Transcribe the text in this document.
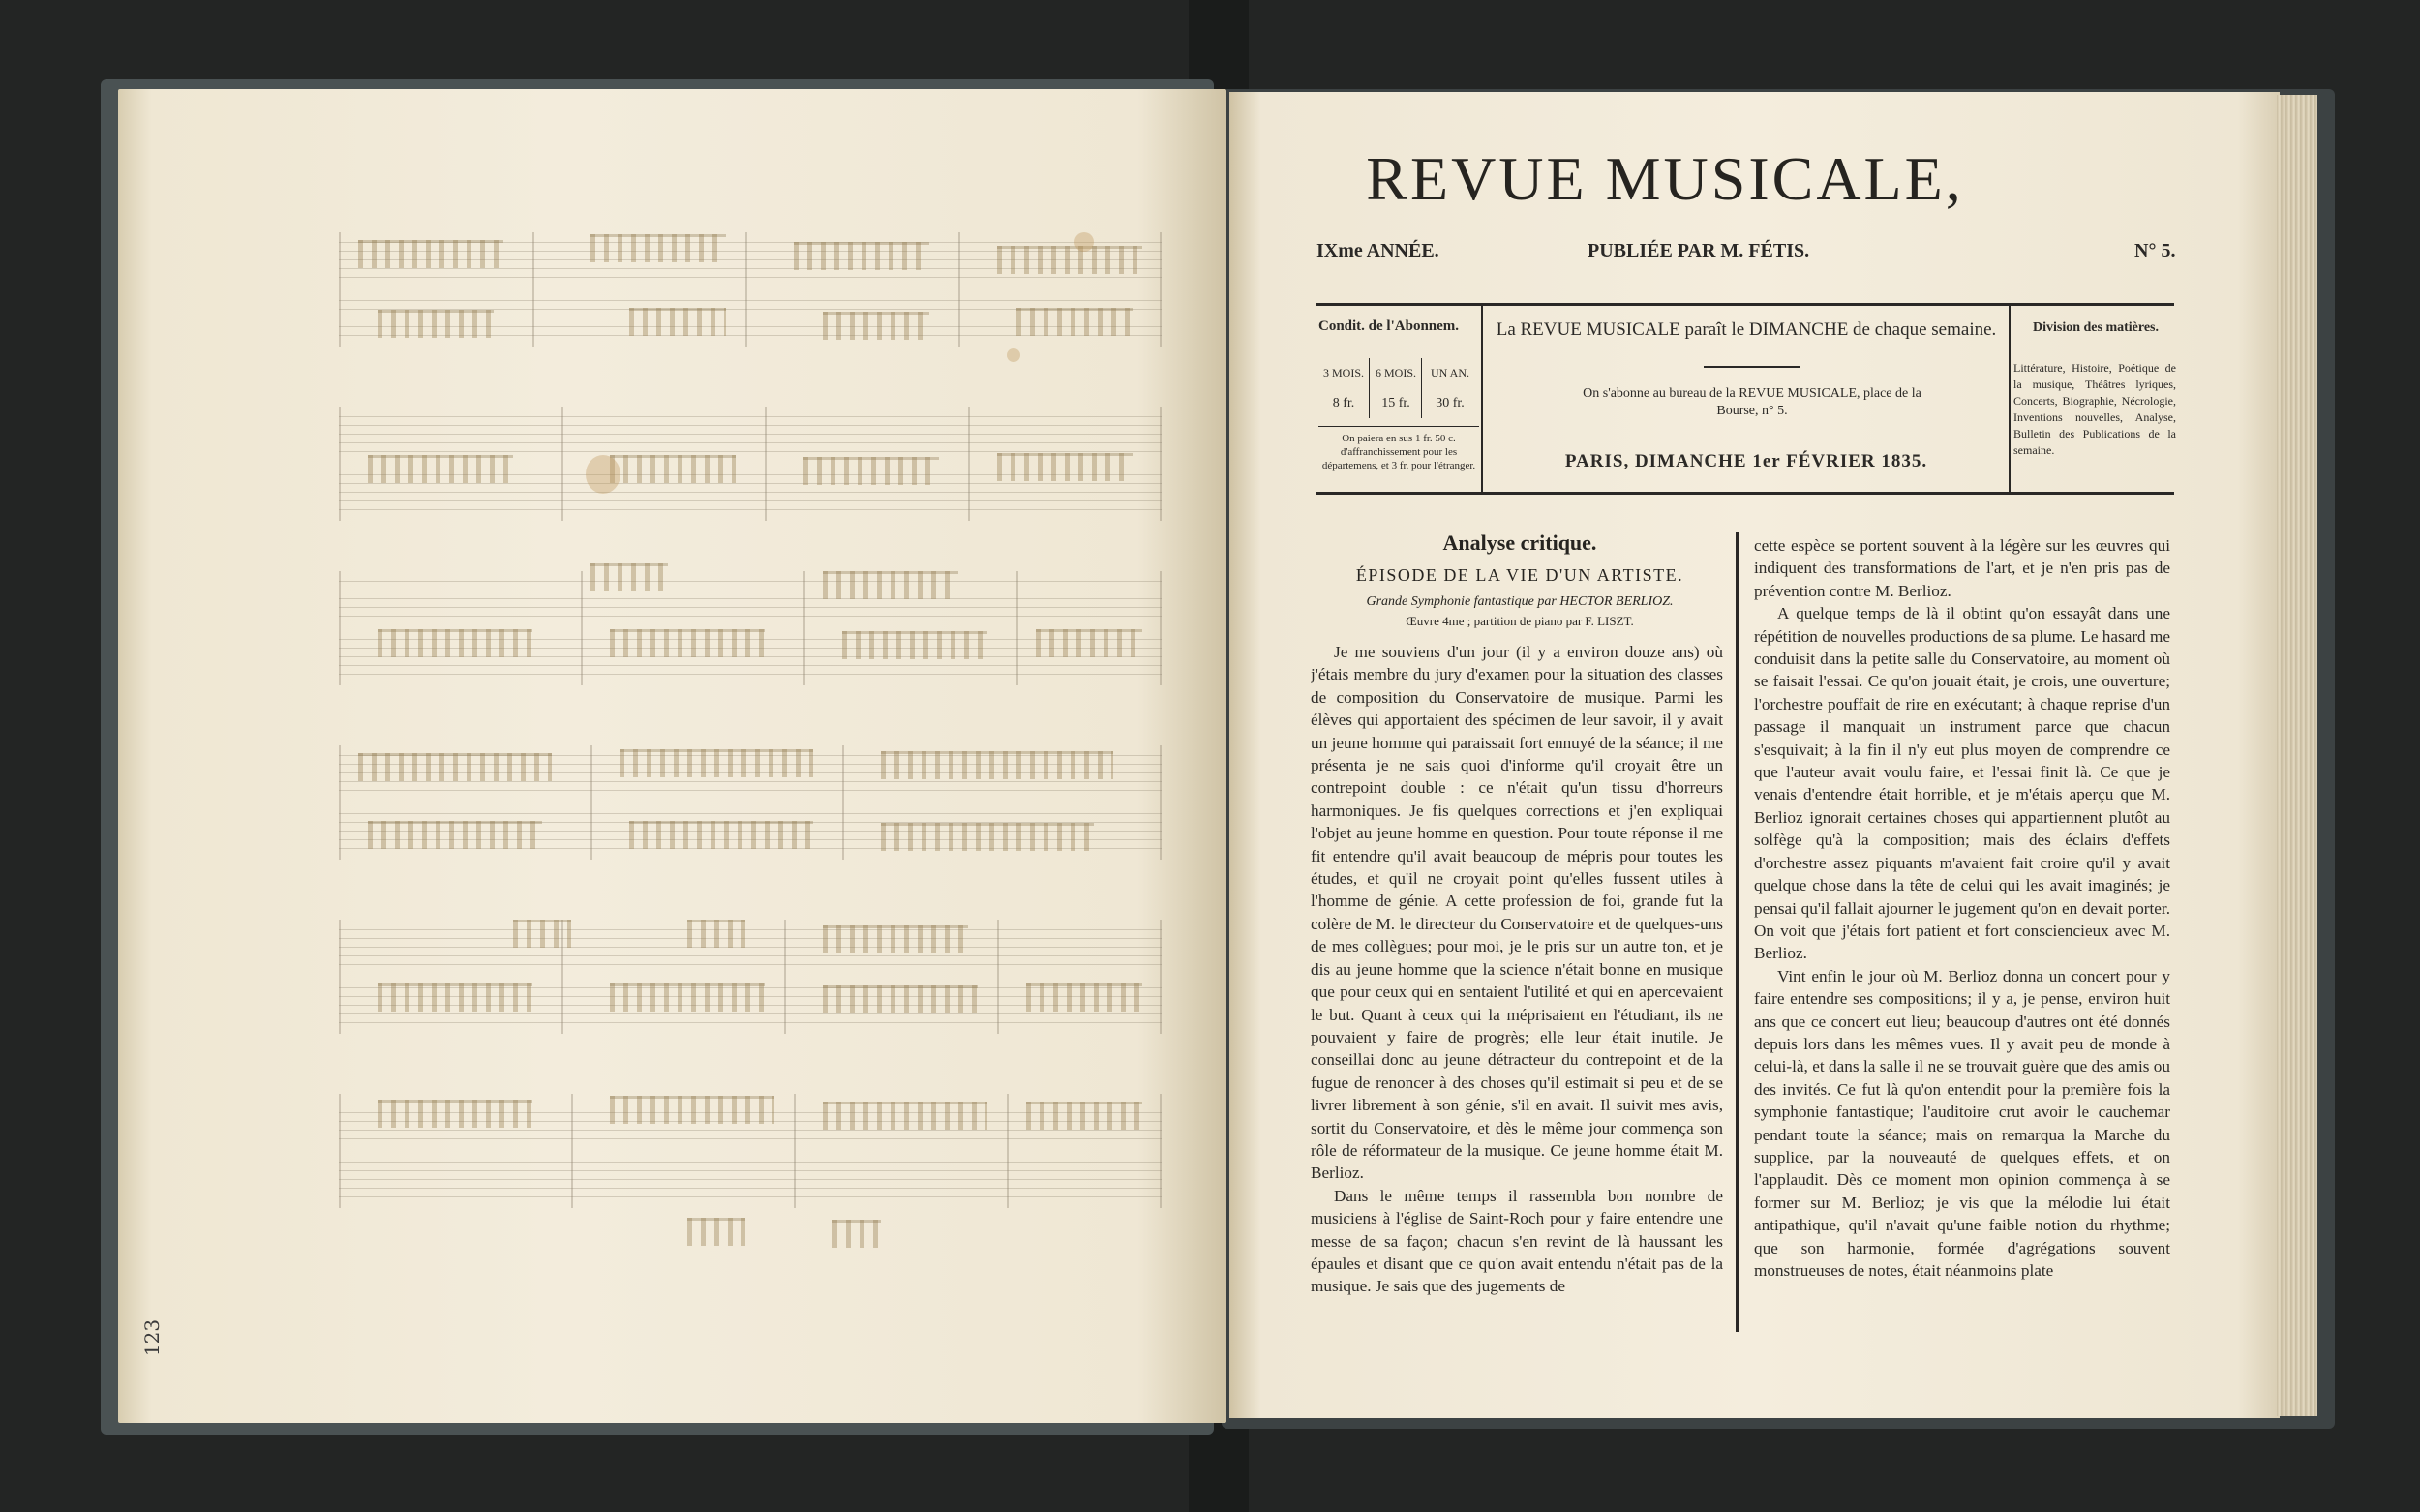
123
REVUE MUSICALE,
IXme ANNÉE.	PUBLIÉE PAR M. FÉTIS.	N° 5.
Condit. de l'Abonnem.
3 MOIS. 6 MOIS.	UN AN.
8 fr.	15 fr.	30 fr.
On paiera en sus 1 fr. 50 c. d'affranchissement pour les départemens, et 3 fr. pour l'étranger.
La REVUE MUSICALE paraît le DIMANCHE de chaque semaine.
On s'abonne au bureau de la REVUE MUSICALE, place de la Bourse, n° 5.
PARIS, DIMANCHE 1er FÉVRIER 1835.
Division des matières.
Littérature, Histoire, Poétique de la musique, Théâtres lyriques, Concerts, Biographie, Nécrologie, Inventions nouvelles, Analyse, Bulletin des Publications de la semaine.
Analyse critique.
ÉPISODE DE LA VIE D'UN ARTISTE.
Grande Symphonie fantastique par HECTOR BERLIOZ.
Œuvre 4me ; partition de piano par F. LISZT.

Je me souviens d'un jour (il y a environ douze ans) où j'étais membre du jury d'examen pour la situation des classes de composition du Conservatoire de musique. Parmi les élèves qui apportaient des spécimen de leur savoir, il y avait un jeune homme qui paraissait fort ennuyé de la séance; il me présenta je ne sais quoi d'informe qu'il croyait être un contrepoint double : ce n'était qu'un tissu d'horreurs harmoniques. Je fis quelques corrections et j'en expliquai l'objet au jeune homme en question. Pour toute réponse il me fit entendre qu'il avait beaucoup de mépris pour toutes les études, et qu'il ne croyait point qu'elles fussent utiles à l'homme de génie. A cette profession de foi, grande fut la colère de M. le directeur du Conservatoire et de quelques-uns de mes collègues; pour moi, je le pris sur un autre ton, et je dis au jeune homme que la science n'était bonne en musique que pour ceux qui en sentaient l'utilité et qui en apercevaient le but. Quant à ceux qui la méprisaient en l'étudiant, ils ne pouvaient y faire de progrès; elle leur était inutile. Je conseillai donc au jeune détracteur du contrepoint et de la fugue de renoncer à des choses qu'il estimait si peu et de se livrer librement à son génie, s'il en avait. Il suivit mes avis, sortit du Conservatoire, et dès le même jour commença son rôle de réformateur de la musique. Ce jeune homme était M. Berlioz.

Dans le même temps il rassembla bon nombre de musiciens à l'église de Saint-Roch pour y faire entendre une messe de sa façon; chacun s'en revint de là haussant les épaules et disant que ce qu'on avait entendu n'était pas de la musique. Je sais que des jugements de

cette espèce se portent souvent à la légère sur les œuvres qui indiquent des transformations de l'art, et je n'en pris pas de prévention contre M. Berlioz.

A quelque temps de là il obtint qu'on essayât dans une répétition de nouvelles productions de sa plume. Le hasard me conduisit dans la petite salle du Conservatoire, au moment où se faisait l'essai. Ce qu'on jouait était, je crois, une ouverture; l'orchestre pouffait de rire en exécutant; à chaque reprise d'un passage il manquait un instrument parce que chacun s'esquivait; à la fin il n'y eut plus moyen de comprendre ce que l'auteur avait voulu faire, et l'essai finit là. Ce que je venais d'entendre était horrible, et je m'étais aperçu que M. Berlioz ignorait certaines choses qui appartiennent plutôt au solfège qu'à la composition; mais des éclairs d'effets d'orchestre assez piquants m'avaient fait croire qu'il y avait quelque chose dans la tête de celui qui les avait imaginés; je pensai qu'il fallait ajourner le jugement qu'on en devait porter. On voit que j'étais fort patient et fort consciencieux avec M. Berlioz.

Vint enfin le jour où M. Berlioz donna un concert pour y faire entendre ses compositions; il y a, je pense, environ huit ans que ce concert eut lieu; beaucoup d'autres ont été donnés depuis lors dans les mêmes vues. Il y avait peu de monde à celui-là, et dans la salle il ne se trouvait guère que des amis ou des invités. Ce fut là qu'on entendit pour la première fois la symphonie fantastique; l'auditoire crut avoir le cauchemar pendant toute la séance; mais on remarqua la Marche du supplice, par la nouveauté de quelques effets, et on l'applaudit. Dès ce moment mon opinion commença à se former sur M. Berlioz; je vis que la mélodie lui était antipathique, qu'il n'avait qu'une faible notion du rhythme; que son harmonie, formée d'agrégations souvent monstrueuses de notes, était néanmoins plate
